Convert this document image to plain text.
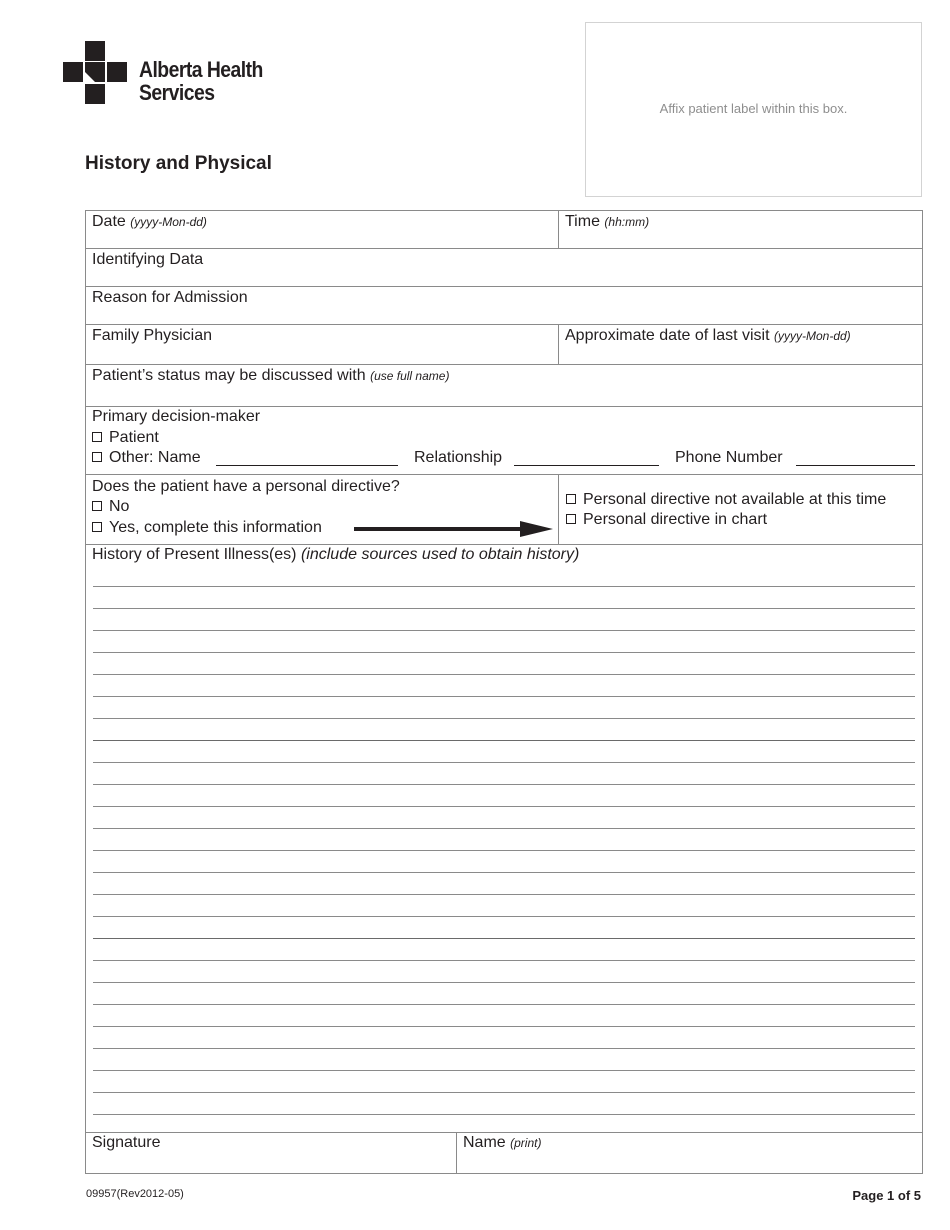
Alberta Health
Services
Affix patient label within this box.
History and Physical
Date (yyyy-Mon-dd)	Time (hh:mm)
Identifying Data
Reason for Admission
Family Physician	Approximate date of last visit (yyyy-Mon-dd)
Patient’s status may be discussed with (use full name)
Primary decision-maker
Patient
Other: Name	Relationship	Phone Number
Does the patient have a personal directive?
No
Yes, complete this information
Personal directive not available at this time
Personal directive in chart
History of Present Illness(es) (include sources used to obtain history)
Signature	Name (print)
09957(Rev2012-05)	Page 1 of 5
